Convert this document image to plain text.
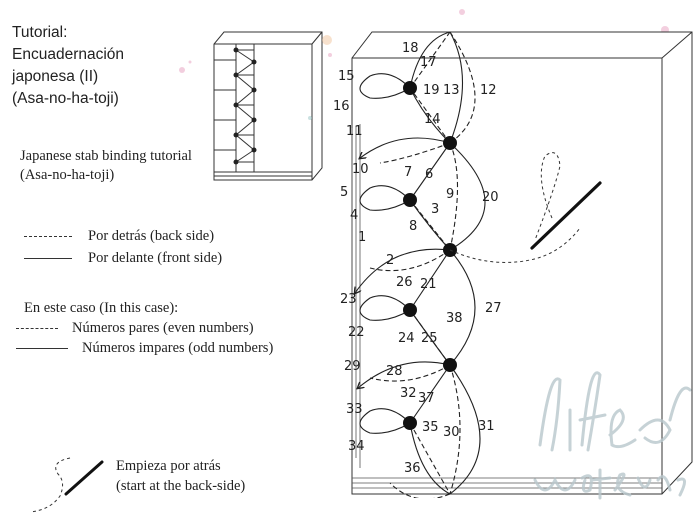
Tutorial:
Encuadernación
japonesa (II)
(Asa-no-ha-toji)
18
17
15
16
19 13 12
14
11
10	7 6
9 20
5
4	3
8
1
2
26 21
23
27
38
22	24 25
29 28
32 37
33
35 30 31
34
36
Japanese stab binding tutorial (Asa-no-ha-toji)
Por detrás (back side)
Por delante (front side)
En este caso (In this case):
Números pares (even numbers)
Números impares (odd numbers)
Empieza por atrás
(start at the back-side)
